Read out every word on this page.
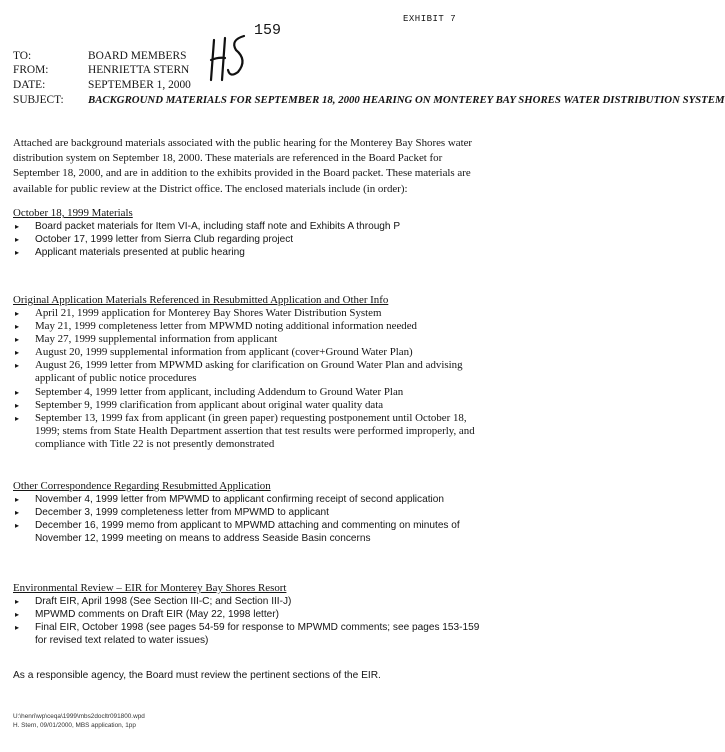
EXHIBIT 7
159
TO:	BOARD MEMBERS
FROM:	HENRIETTA STERN
DATE:	SEPTEMBER 1, 2000
SUBJECT:	BACKGROUND MATERIALS FOR SEPTEMBER 18, 2000 HEARING ON MONTEREY BAY SHORES WATER DISTRIBUTION SYSTEM
Attached are background materials associated with the public hearing for the Monterey Bay Shores water distribution system on September 18, 2000. These materials are referenced in the Board Packet for September 18, 2000, and are in addition to the exhibits provided in the Board packet. These materials are available for public review at the District office. The enclosed materials include (in order):
October 18, 1999 Materials
▸ Board packet materials for Item VI-A, including staff note and Exhibits A through P
▸ October 17, 1999 letter from Sierra Club regarding project
▸ Applicant materials presented at public hearing
Original Application Materials Referenced in Resubmitted Application and Other Info
▸ April 21, 1999 application for Monterey Bay Shores Water Distribution System
▸ May 21, 1999 completeness letter from MPWMD noting additional information needed
▸ May 27, 1999 supplemental information from applicant
▸ August 20, 1999 supplemental information from applicant (cover+Ground Water Plan)
▸ August 26, 1999 letter from MPWMD asking for clarification on Ground Water Plan and advising applicant of public notice procedures
▸ September 4, 1999 letter from applicant, including Addendum to Ground Water Plan
▸ September 9, 1999 clarification from applicant about original water quality data
▸ September 13, 1999 fax from applicant (in green paper) requesting postponement until October 18, 1999; stems from State Health Department assertion that test results were performed improperly, and compliance with Title 22 is not presently demonstrated
Other Correspondence Regarding Resubmitted Application
▸ November 4, 1999 letter from MPWMD to applicant confirming receipt of second application
▸ December 3, 1999 completeness letter from MPWMD to applicant
▸ December 16, 1999 memo from applicant to MPWMD attaching and commenting on minutes of November 12, 1999 meeting on means to address Seaside Basin concerns
Environmental Review – EIR for Monterey Bay Shores Resort
▸ Draft EIR, April 1998 (See Section III-C; and Section III-J)
▸ MPWMD comments on Draft EIR (May 22, 1998 letter)
▸ Final EIR, October 1998 (see pages 54-59 for response to MPWMD comments; see pages 153-159 for revised text related to water issues)
As a responsible agency, the Board must review the pertinent sections of the EIR.
U:\henri\wp\ceqa\1999\mbs2docltr091800.wpd
H. Stern, 09/01/2000, MBS application, 1pp
